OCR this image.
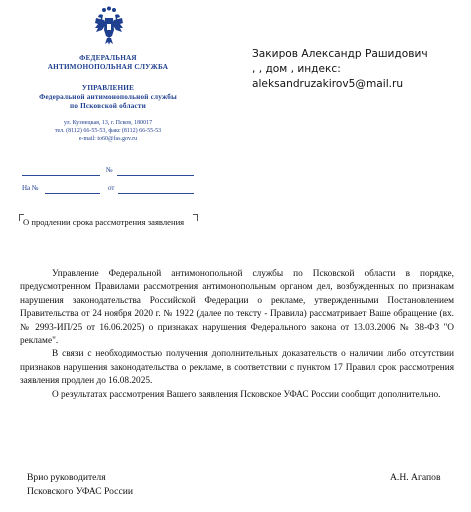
ФЕДЕРАЛЬНАЯ
АНТИМОНОПОЛЬНАЯ СЛУЖБА
УПРАВЛЕНИЕ
Федеральной антимонопольной службы
по Псковской области
ул. Кузнецкая, 13, г. Псков, 180017
тел. (8112) 66-55-53, факс (8112) 66-55-53
e-mail: to60@fas.gov.ru
№
На №	от
Закиров Александр Рашидович
, , дом , индекс:
aleksandruzakirov5@mail.ru
О продлении срока рассмотрения заявления

Управление Федеральной антимонопольной службы по Псковской области в порядке, предусмотренном Правилами рассмотрения антимонопольным органом дел, возбужденных по признакам нарушения законодательства Российской Федерации о рекламе, утвержденными Постановлением Правительства от 24 ноября 2020 г. № 1922 (далее по тексту - Правила) рассматривает Ваше обращение (вх. № 2993-ИП/25 от 16.06.2025) о признаках нарушения Федерального закона от 13.03.2006 № 38-ФЗ "О рекламе".

В связи с необходимостью получения дополнительных доказательств о наличии либо отсутствии признаков нарушения законодательства о рекламе, в соответствии с пунктом 17 Правил срок рассмотрения заявления продлен до 16.08.2025.

О результатах рассмотрения Вашего заявления Псковское УФАС России сообщит дополнительно.

Врио руководителя
Псковского УФАС России
А.Н. Агапов
